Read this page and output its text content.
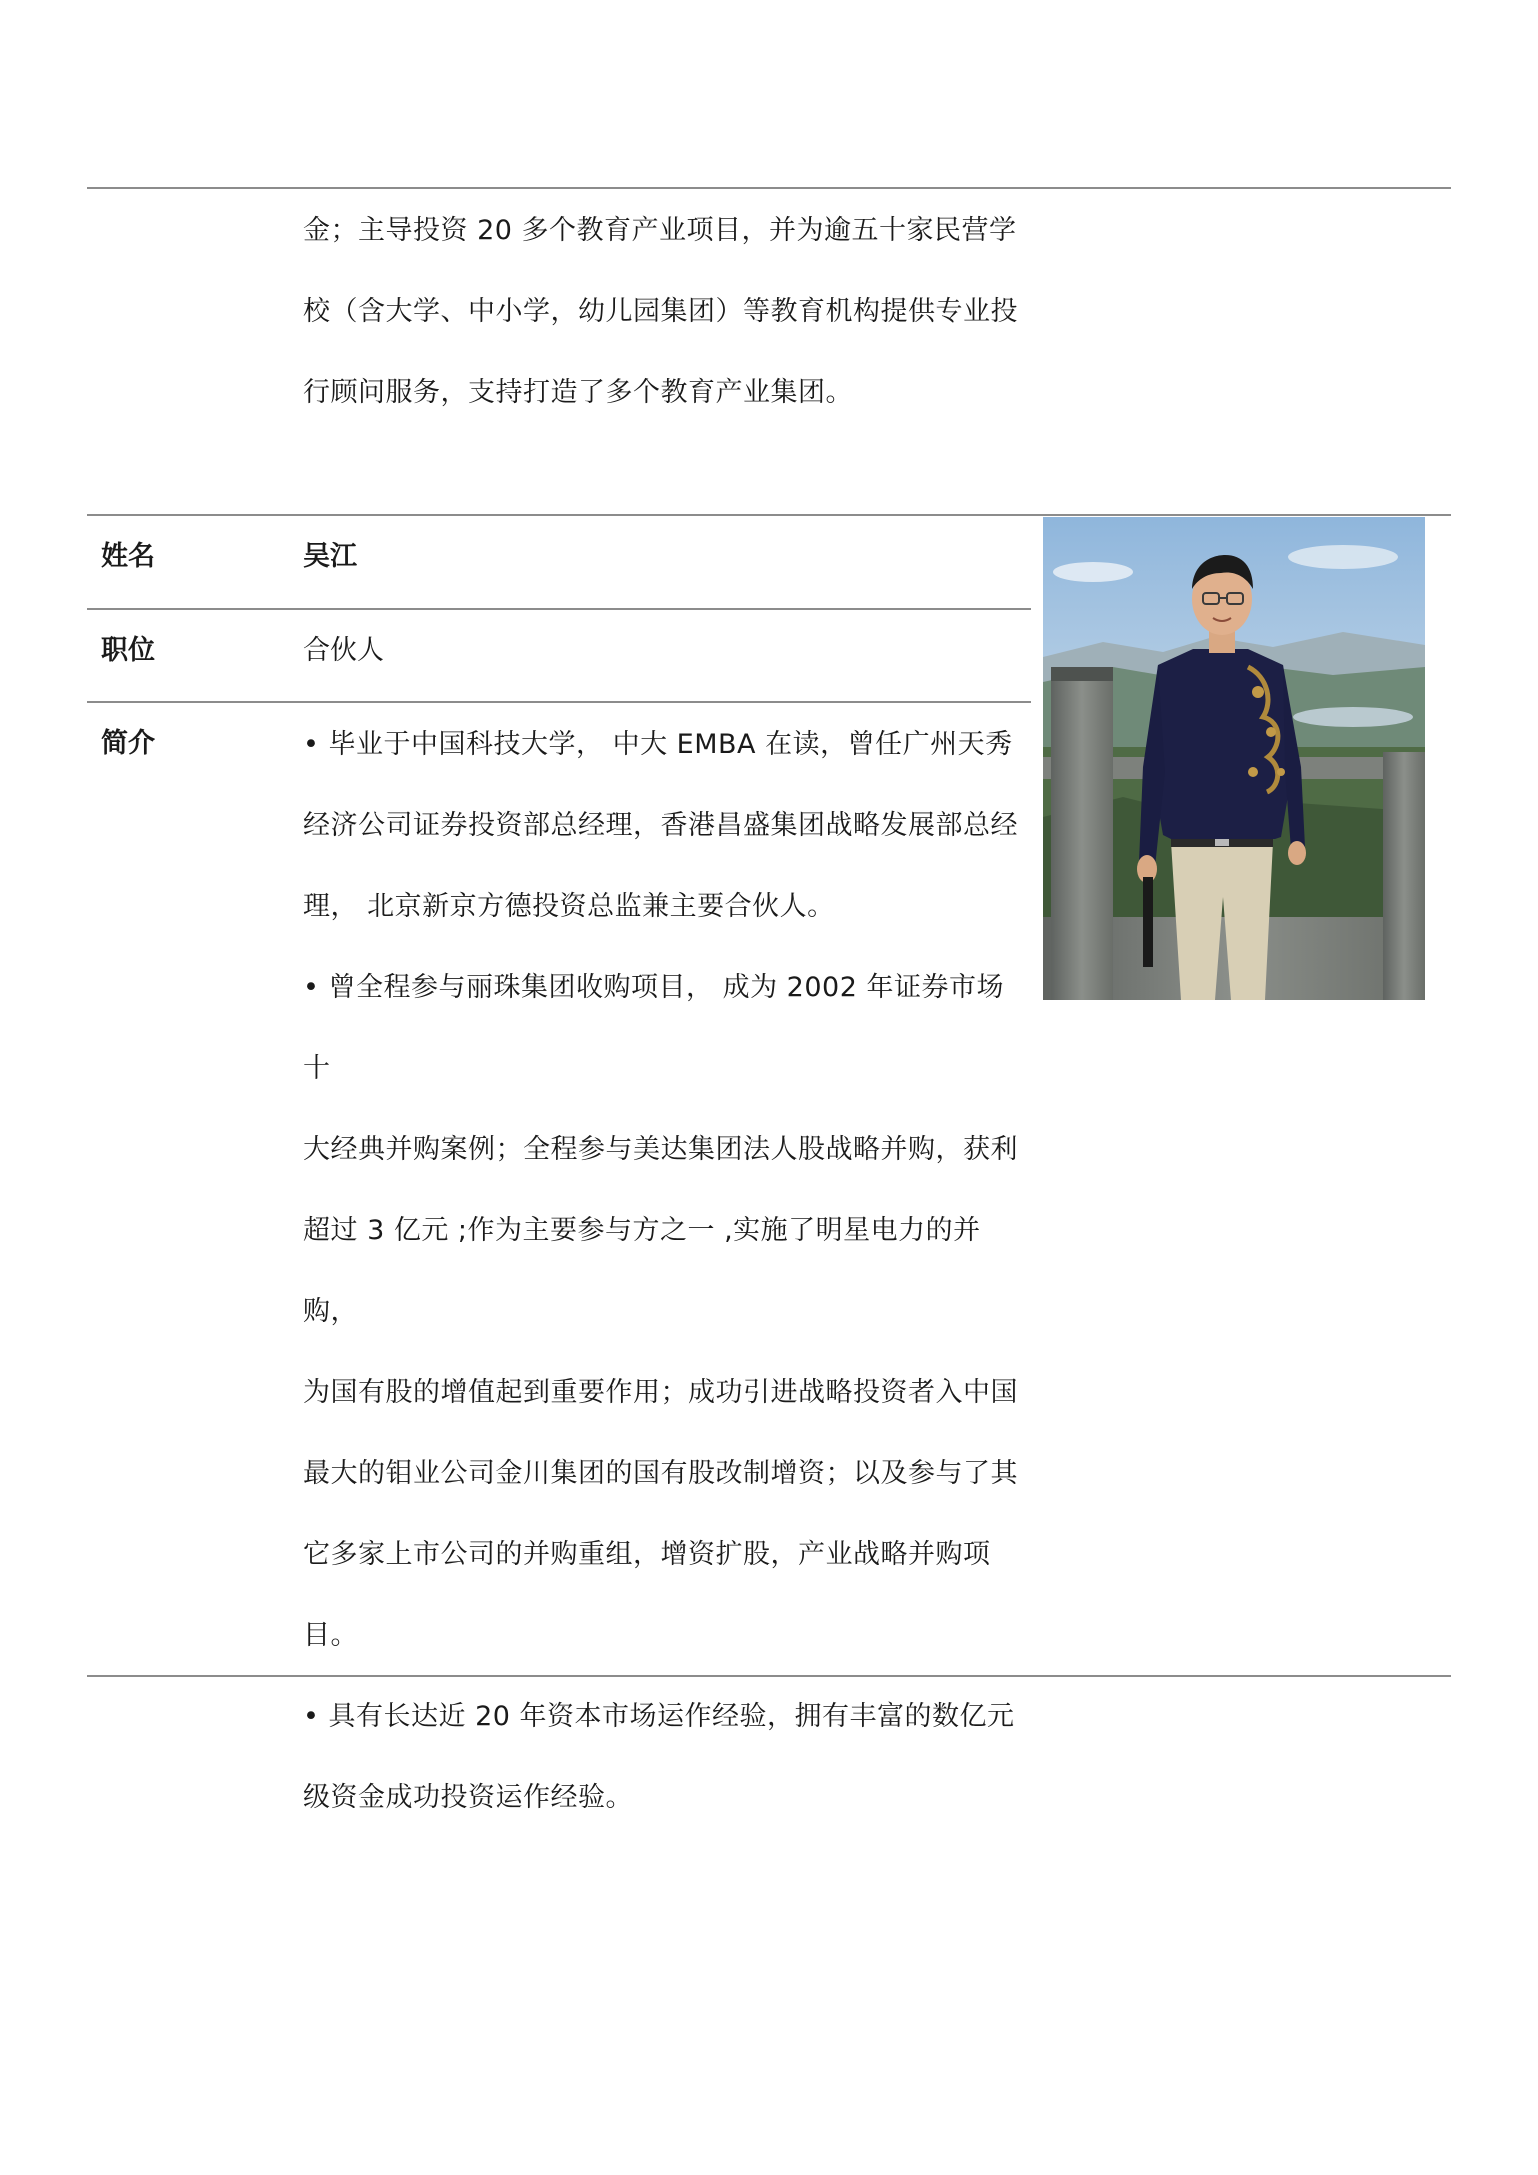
金；主导投资 20 多个教育产业项目，并为逾五十家民营学

校（含大学、中小学，幼儿园集团）等教育机构提供专业投

行顾问服务，支持打造了多个教育产业集团。

姓名	吴江
职位	合伙人
简介	• 毕业于中国科技大学， 中大 EMBA 在读，曾任广州天秀

经济公司证券投资部总经理，香港昌盛集团战略发展部总经

理， 北京新京方德投资总监兼主要合伙人。

• 曾全程参与丽珠集团收购项目， 成为 2002 年证券市场十

大经典并购案例；全程参与美达集团法人股战略并购，获利

超过 3 亿元 ;作为主要参与方之一 ,实施了明星电力的并购，

为国有股的增值起到重要作用；成功引进战略投资者入中国

最大的钼业公司金川集团的国有股改制增资；以及参与了其

它多家上市公司的并购重组，增资扩股，产业战略并购项目。

• 具有长达近 20 年资本市场运作经验，拥有丰富的数亿元

级资金成功投资运作经验。
